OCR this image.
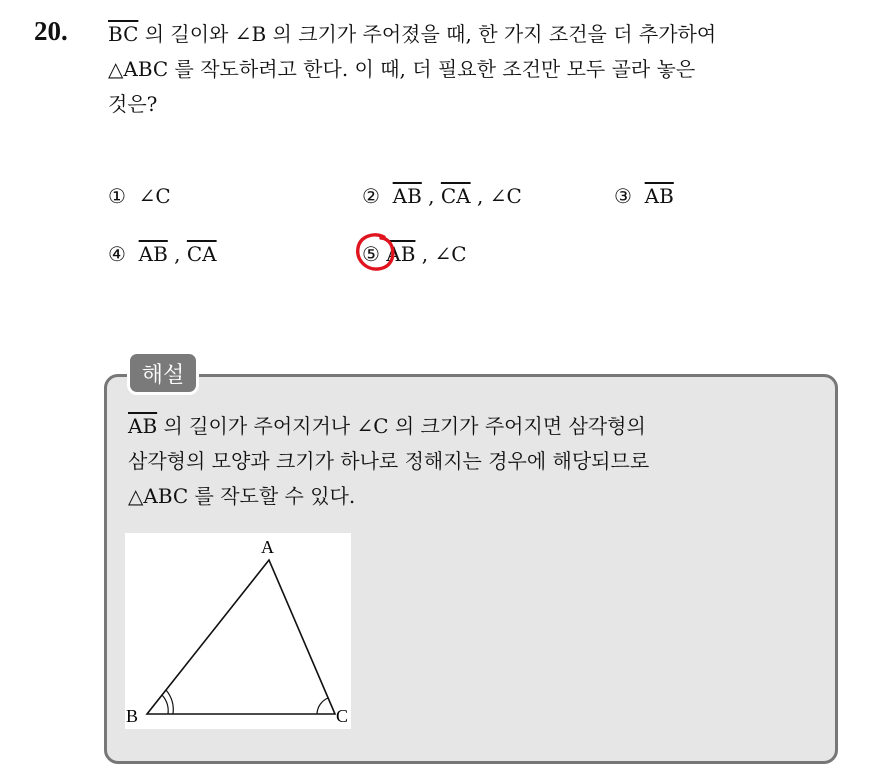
20. $\overline{BC}$ 의 길이와 ∠B 의 크기가 주어졌을 때, 한 가지 조건을 더 추가하여
△ABC 를 작도하려고 한다. 이 때, 더 필요한 조건만 모두 골라 놓은
것은?
① ∠C	② $\overline{AB}$ , $\overline{CA}$ , ∠C	③ $\overline{AB}$
④ $\overline{AB}$ , $\overline{CA}$	⑤ $\overline{AB}$ , ∠C
해설
$\overline{AB}$ 의 길이가 주어지거나 ∠C 의 크기가 주어지면 삼각형의
삼각형의 모양과 크기가 하나로 정해지는 경우에 해당되므로
△ABC 를 작도할 수 있다.
A
B	C
